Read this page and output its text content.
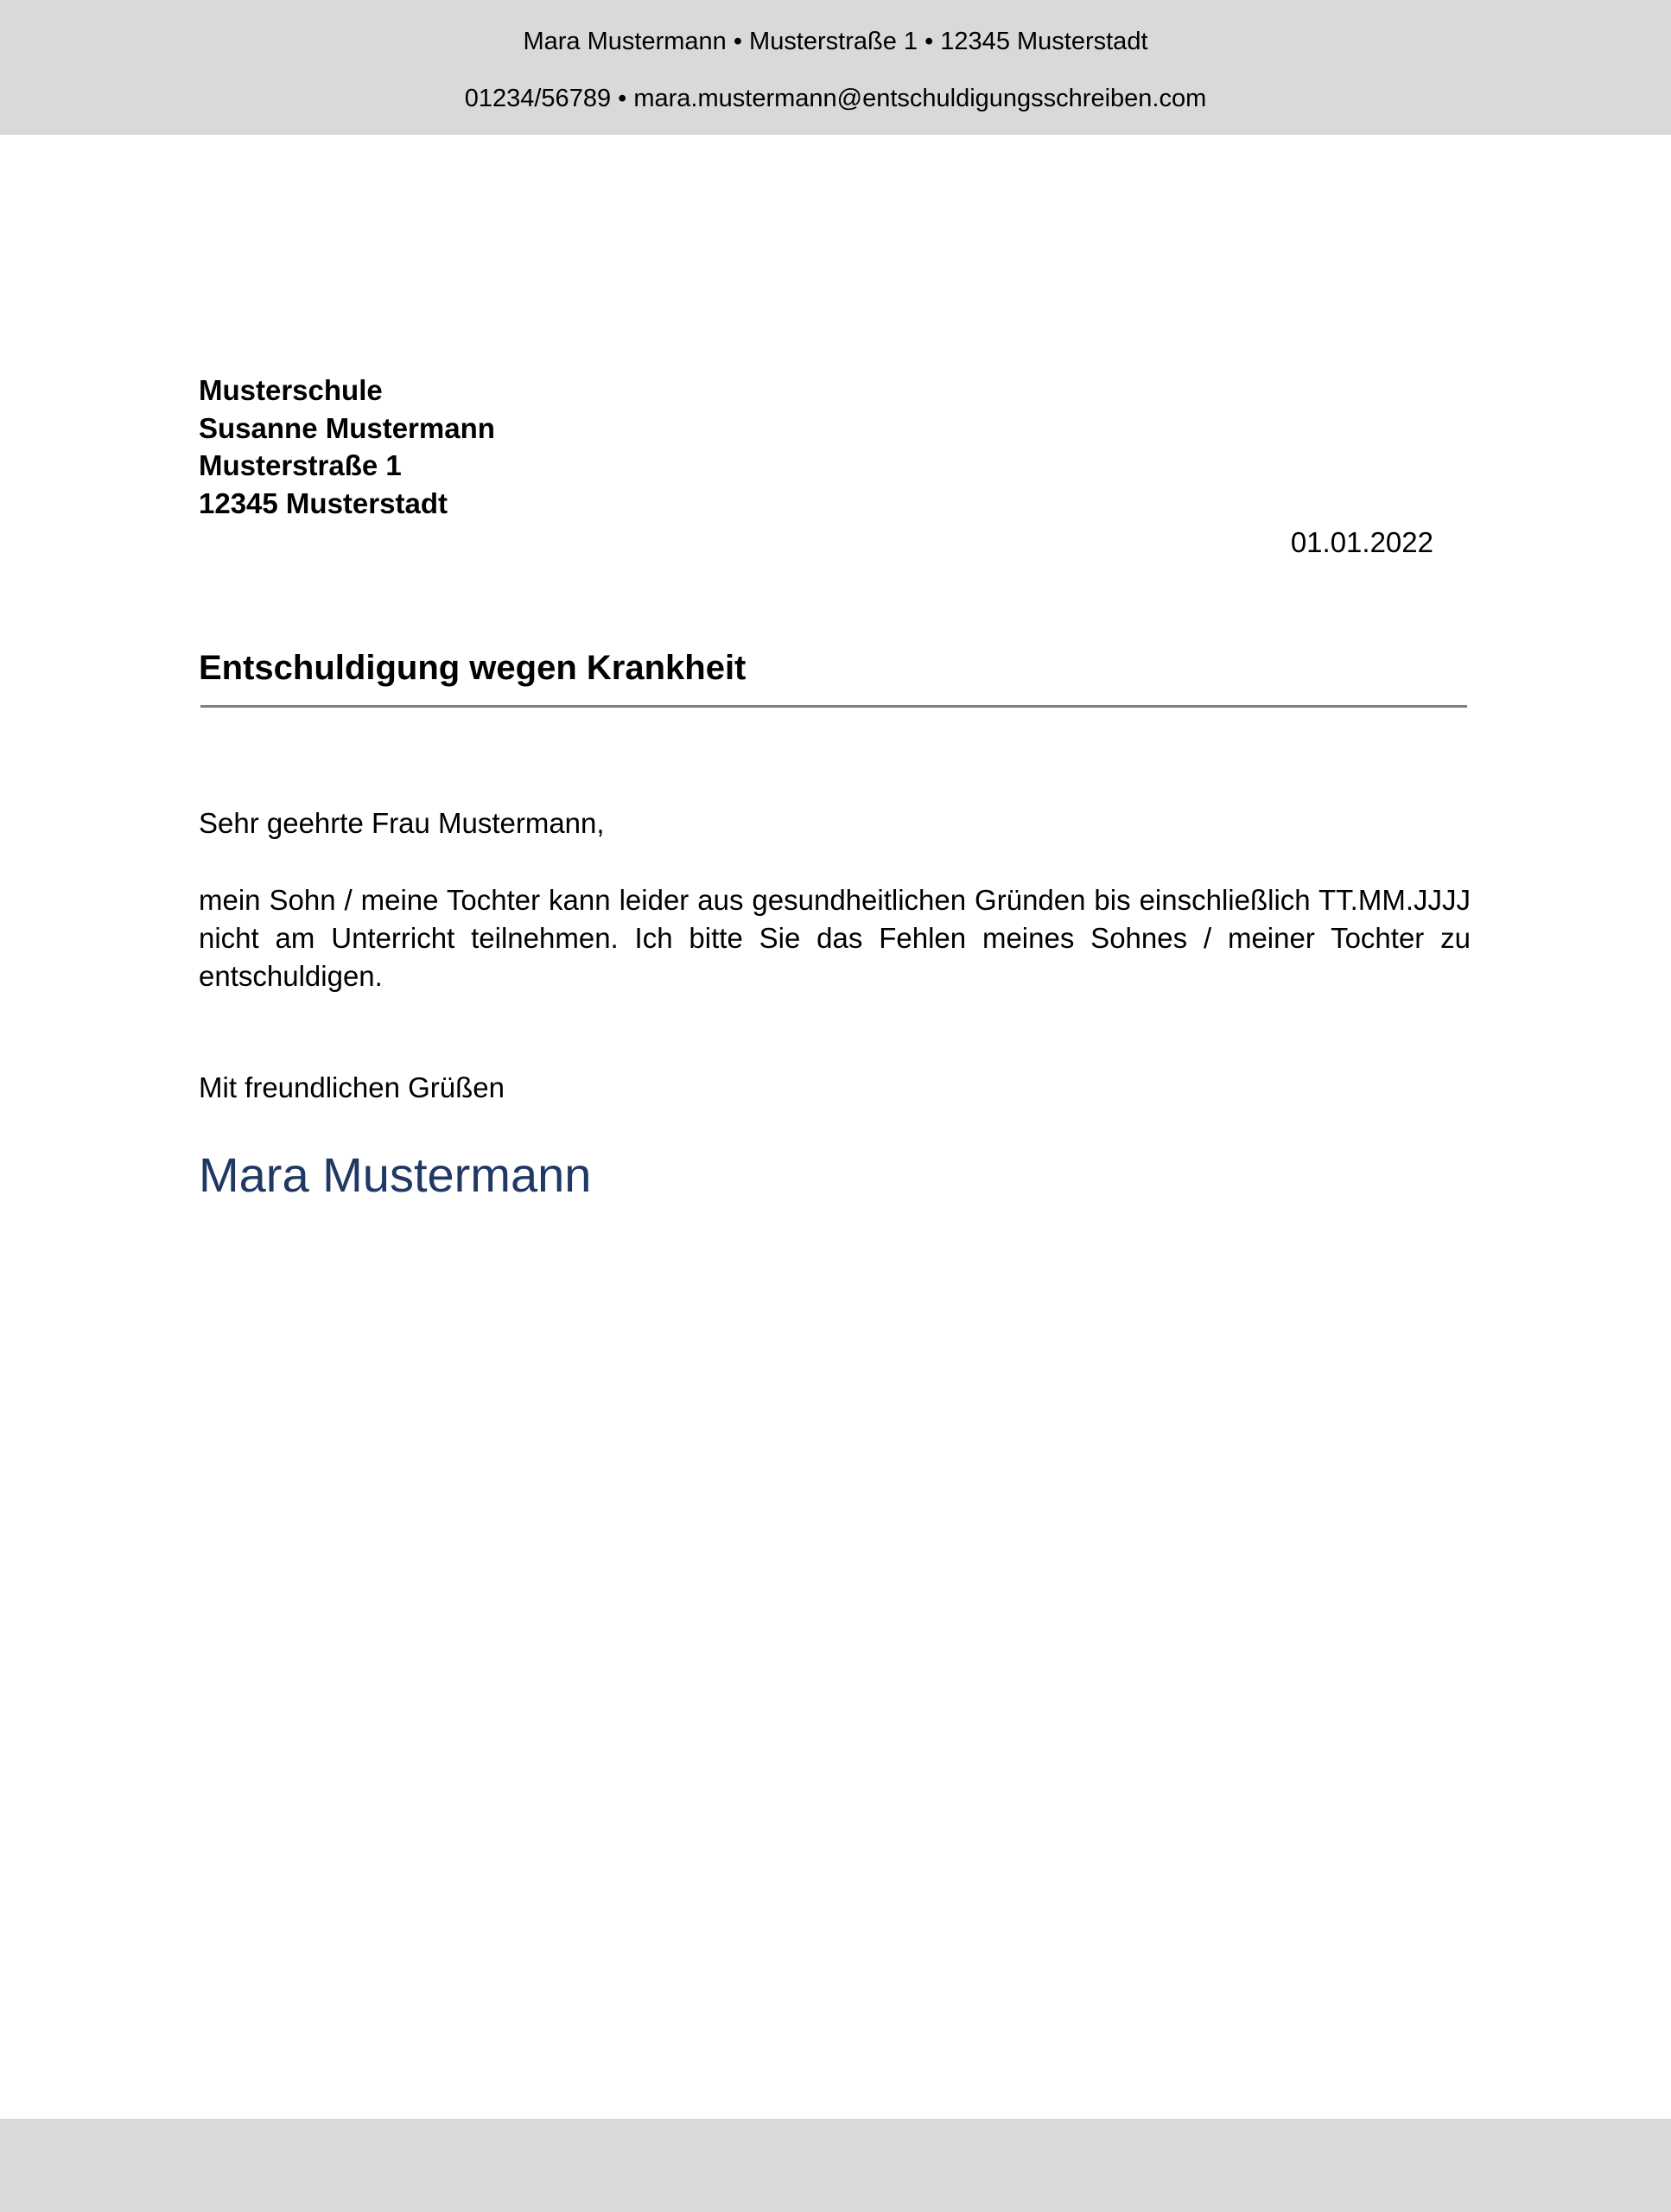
Mara Mustermann • Musterstraße 1 • 12345 Musterstadt
01234/56789 • mara.mustermann@entschuldigungsschreiben.com
Musterschule
Susanne Mustermann
Musterstraße 1
12345 Musterstadt
01.01.2022
Entschuldigung wegen Krankheit
Sehr geehrte Frau Mustermann,
mein Sohn / meine Tochter kann leider aus gesundheitlichen Gründen bis einschließlich TT.MM.JJJJ nicht am Unterricht teilnehmen. Ich bitte Sie das Fehlen meines Sohnes / meiner Tochter zu entschuldigen.
Mit freundlichen Grüßen
Mara Mustermann
